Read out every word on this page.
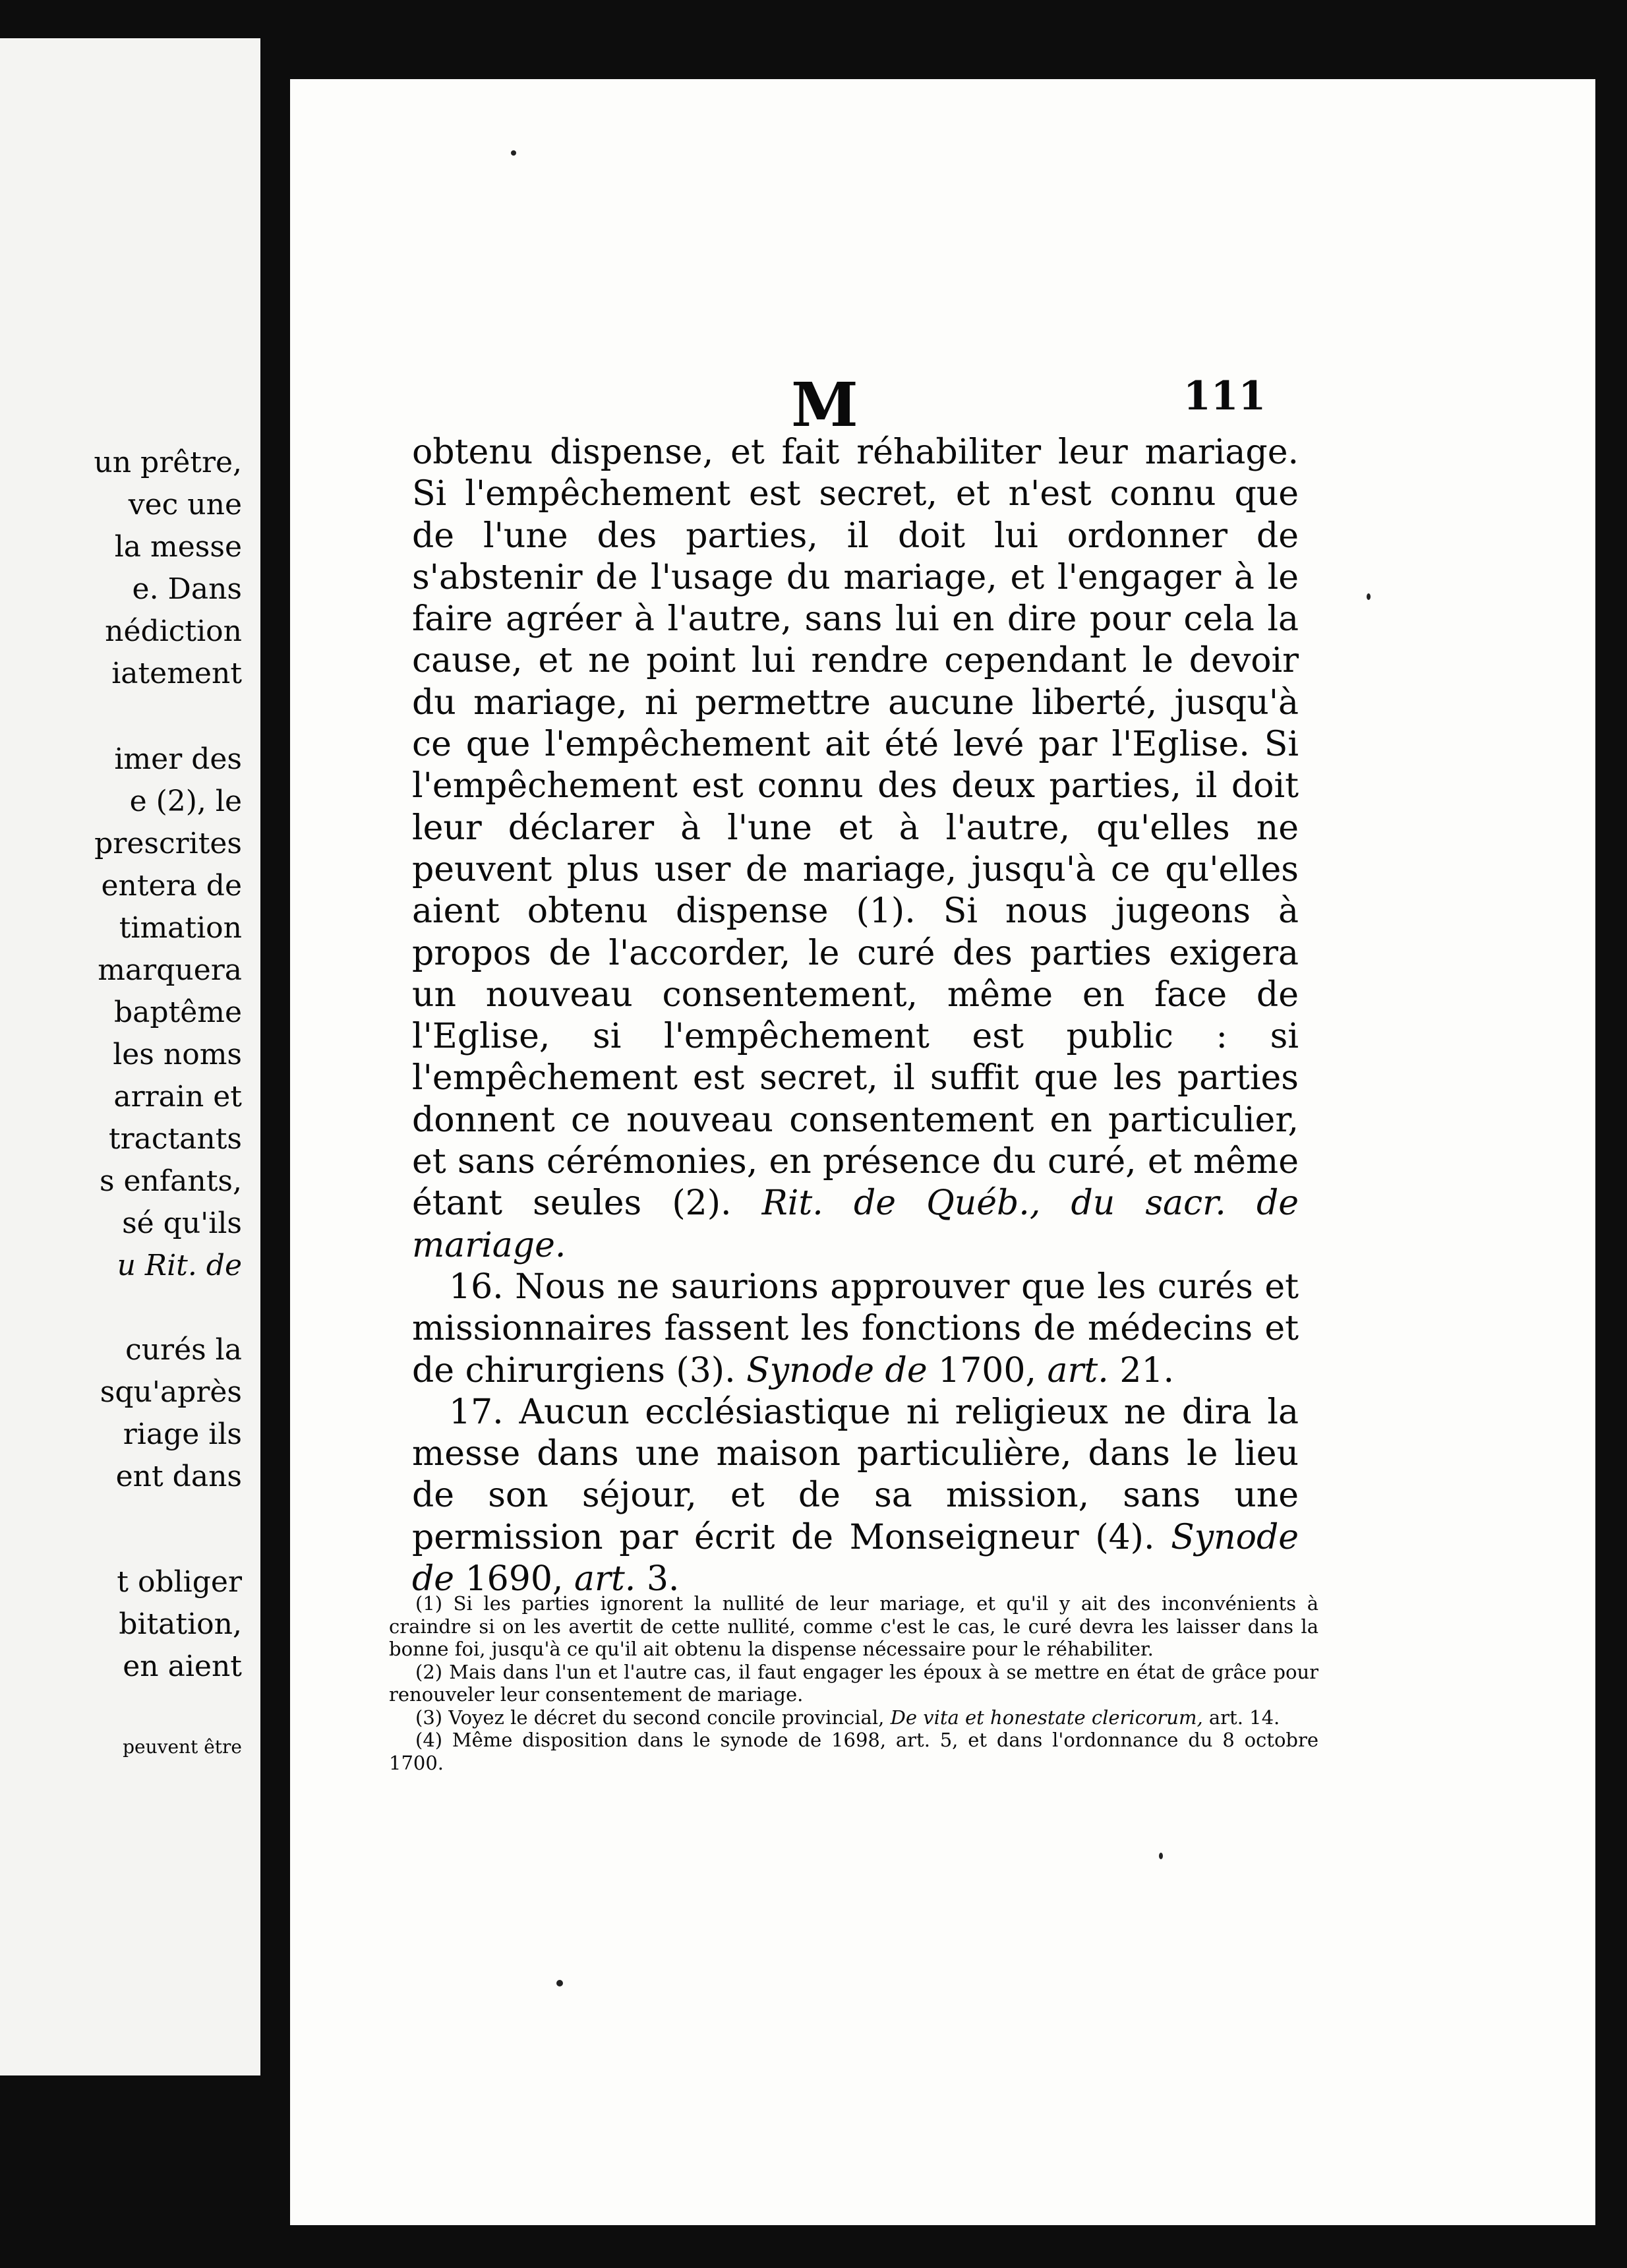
un prêtre,
vec une
la messe
e. Dans
nédiction
iatement
imer des
e (2), le
prescrites
entera de
timation
marquera
baptême
les noms
arrain et
tractants
s enfants,
sé qu'ils
u Rit. de
curés la
squ'après
riage ils
ent dans
t obliger
bitation,
en aient
peuvent être
M	111

obtenu dispense, et fait réhabiliter leur mariage. Si l'empêchement est secret, et n'est connu que de l'une des parties, il doit lui ordonner de s'abstenir de l'usage du mariage, et l'engager à le faire agréer à l'autre, sans lui en dire pour cela la cause, et ne point lui rendre cependant le devoir du mariage, ni permettre aucune liberté, jusqu'à ce que l'empêchement ait été levé par l'Eglise. Si l'empêchement est connu des deux parties, il doit leur déclarer à l'une et à l'autre, qu'elles ne peuvent plus user de mariage, jusqu'à ce qu'elles aient obtenu dispense (1). Si nous jugeons à propos de l'accorder, le curé des parties exigera un nouveau consentement, même en face de l'Eglise, si l'empêchement est public : si l'empêchement est secret, il suffit que les parties donnent ce nouveau consentement en particulier, et sans cérémonies, en présence du curé, et même étant seules (2). Rit. de Québ., du sacr. de mariage.

16. Nous ne saurions approuver que les curés et missionnaires fassent les fonctions de médecins et de chirurgiens (3). Synode de 1700, art. 21.

17. Aucun ecclésiastique ni religieux ne dira la messe dans une maison particulière, dans le lieu de son séjour, et de sa mission, sans une permission par écrit de Monseigneur (4). Synode de 1690, art. 3.

(1) Si les parties ignorent la nullité de leur mariage, et qu'il y ait des inconvénients à craindre si on les avertit de cette nullité, comme c'est le cas, le curé devra les laisser dans la bonne foi, jusqu'à ce qu'il ait obtenu la dispense nécessaire pour le réhabiliter.

(2) Mais dans l'un et l'autre cas, il faut engager les époux à se mettre en état de grâce pour renouveler leur consentement de mariage.

(3) Voyez le décret du second concile provincial, De vita et honestate clericorum, art. 14.

(4) Même disposition dans le synode de 1698, art. 5, et dans l'ordonnance du 8 octobre 1700.
